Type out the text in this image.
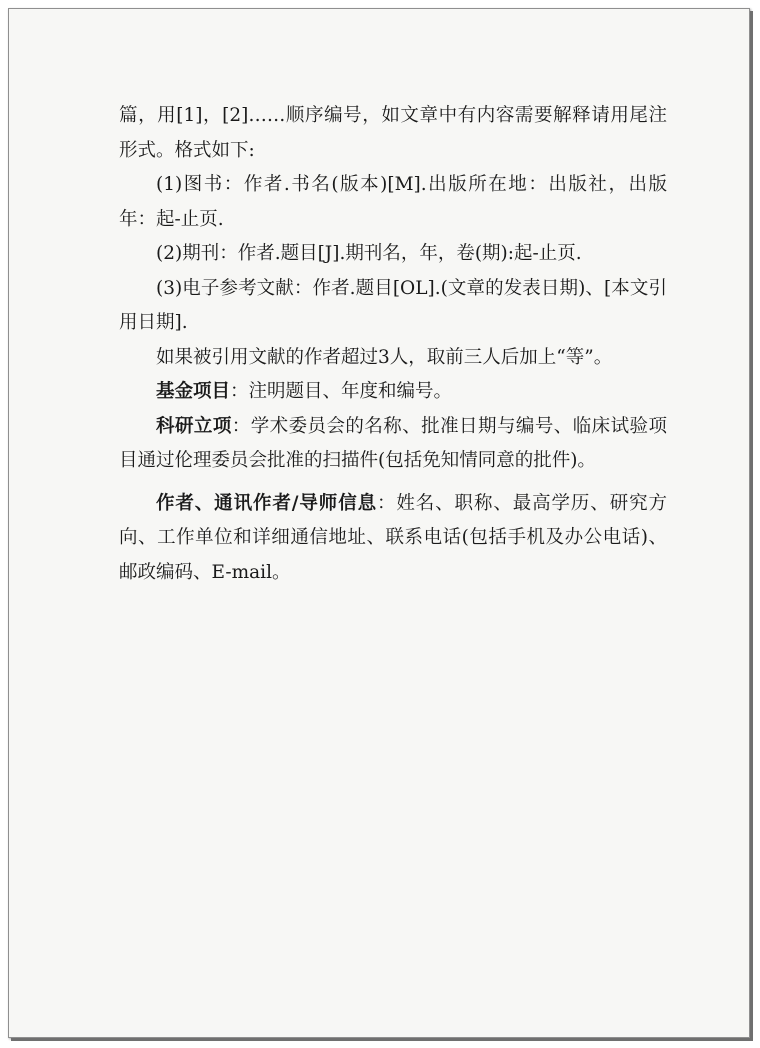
篇，用[1]，[2]……顺序编号，如文章中有内容需要解释请用尾注形式。格式如下:

(1)图书：作者.书名(版本)[M].出版所在地：出版社，出版年：起-止页.

(2)期刊：作者.题目[J].期刊名，年，卷(期):起-止页.

(3)电子参考文献：作者.题目[OL].(文章的发表日期)、[本文引用日期].

如果被引用文献的作者超过3人，取前三人后加上“等”。

基金项目：注明题目、年度和编号。

科研立项：学术委员会的名称、批准日期与编号、临床试验项目通过伦理委员会批准的扫描件(包括免知情同意的批件)。

作者、通讯作者/导师信息：姓名、职称、最高学历、研究方向、工作单位和详细通信地址、联系电话(包括手机及办公电话)、邮政编码、E-mail。
